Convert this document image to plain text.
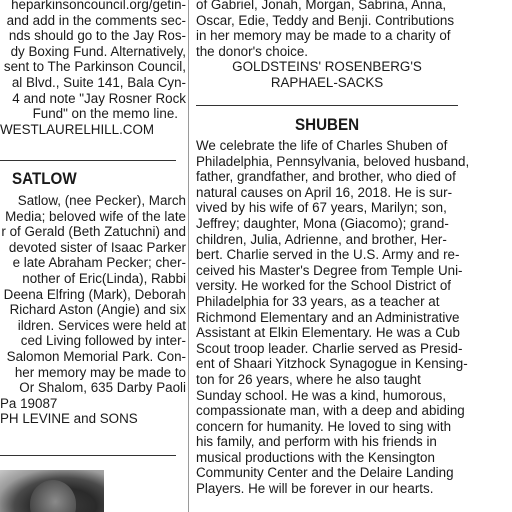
heparkinsoncouncil.org/getin-
and add in the comments sec-
nds should go to the Jay Ros-
dy Boxing Fund. Alternatively,
sent to The Parkinson Council,
al Blvd., Suite 141, Bala Cyn-
4 and note "Jay Rosner Rock
Fund" on the memo line.
WESTLAURELHILL.COM
SATLOW
Satlow, (nee Pecker), March
Media; beloved wife of the late
r of Gerald (Beth Zatuchni) and
devoted sister of Isaac Parker
e late Abraham Pecker; cher-
nother of Eric(Linda), Rabbi
Deena Elfring (Mark), Deborah
Richard Aston (Angie) and six
ildren. Services were held at
ced Living followed by inter-
Salomon Memorial Park. Con-
her memory may be made to
Or Shalom, 635 Darby Paoli
Pa 19087
PH LEVINE and SONS
of Gabriel, Jonah, Morgan, Sabrina, Anna,
Oscar, Edie, Teddy and Benji. Contributions
in her memory may be made to a charity of
the donor's choice.
GOLDSTEINS' ROSENBERG'S
RAPHAEL-SACKS
SHUBEN
We celebrate the life of Charles Shuben of
Philadelphia, Pennsylvania, beloved husband,
father, grandfather, and brother, who died of
natural causes on April 16, 2018. He is sur-
vived by his wife of 67 years, Marilyn; son,
Jeffrey; daughter, Mona (Giacomo); grand-
children, Julia, Adrienne, and brother, Her-
bert. Charlie served in the U.S. Army and re-
ceived his Master's Degree from Temple Uni-
versity. He worked for the School District of
Philadelphia for 33 years, as a teacher at
Richmond Elementary and an Administrative
Assistant at Elkin Elementary. He was a Cub
Scout troop leader. Charlie served as Presid-
ent of Shaari Yitzhock Synagogue in Kensing-
ton for 26 years, where he also taught
Sunday school. He was a kind, humorous,
compassionate man, with a deep and abiding
concern for humanity. He loved to sing with
his family, and perform with his friends in
musical productions with the Kensington
Community Center and the Delaire Landing
Players. He will be forever in our hearts.
